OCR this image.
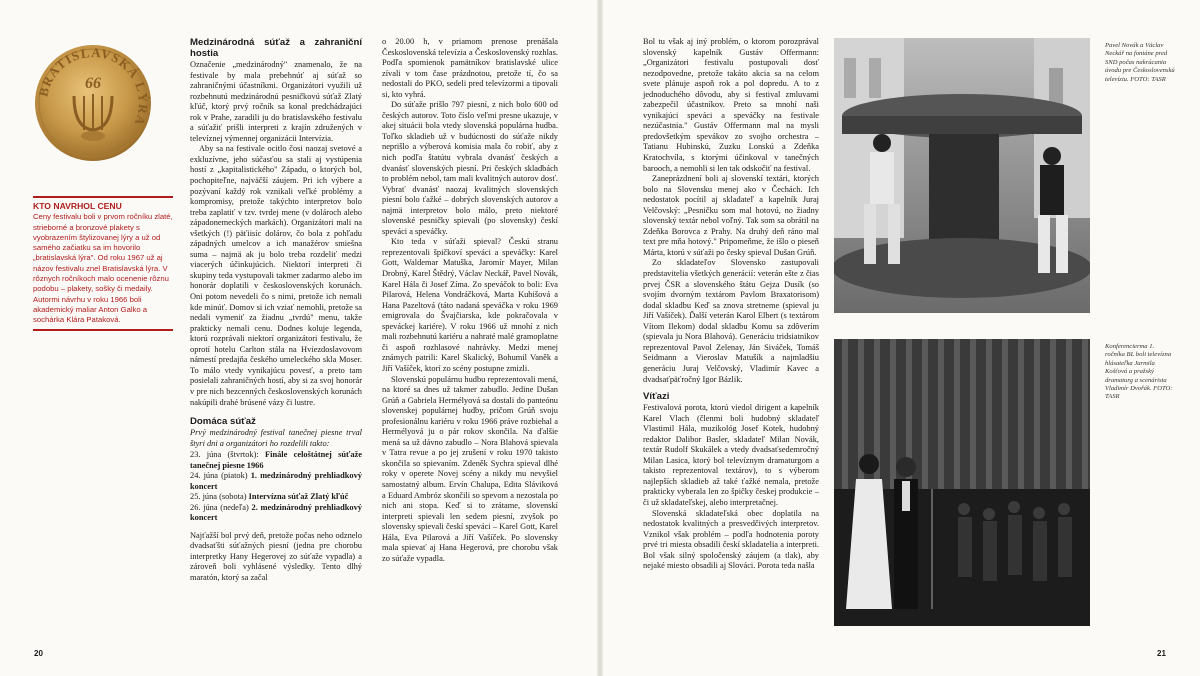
BRATISLAVSKÁ LÝRA
66
KTO NAVRHOL CENU
Ceny festivalu boli v prvom ročníku zlaté, strieborné a bronzové plakety s vyobrazením štylizovanej lýry a už od samého začiatku sa im hovorilo „bratislavská lýra". Od roku 1967 už aj názov festivalu znel Bratislavská lýra. V rôznych ročníkoch malo ocenenie rôznu podobu – plakety, sošky či medaily. Autormi návrhu v roku 1966 boli akademický maliar Anton Galko a sochárka Klára Pataková.
Medzinárodná súťaž a zahraniční hostia

Označenie „medzinárodný" znamenalo, že na festivale by mala prebehnúť aj súťaž so zahraničnými účastníkmi. Organizátori využili už rozbehnutú medzinárodnú pesničkovú súťaž Zlatý kľúč, ktorý prvý ročník sa konal predchádzajúci rok v Prahe, zaradili ju do bratislavského festivalu a súťažiť prišli interpreti z krajín združených v televíznej výmennej organizácii Intervízia.

Aby sa na festivale ocitlo čosi naozaj svetové a exkluzívne, jeho súčasťou sa stali aj vystúpenia hostí z „kapitalistického" Západu, o ktorých bol, pochopiteľne, najväčší záujem. Pri ich výbere a pozývaní každý rok vznikali veľké problémy a kompromisy, pretože takýchto interpretov bolo treba zaplatiť v tzv. tvrdej mene (v dolároch alebo západonemeckých markách). Organizátori mali na všetkých (!) päťiisíc dolárov, čo bola z pohľadu západných umelcov a ich manažérov smiešna suma – najmä ak ju bolo treba rozdeliť medzi viacerých účinkujúcich. Niektorí interpreti či skupiny teda vystupovali takmer zadarmo alebo im honorár doplatili v československých korunách. Oni potom nevedeli čo s nimi, pretože ich nemali kde minúť. Domov si ich vziať nemohli, pretože sa nedali vymeniť za žiadnu „tvrdú" menu, takže prakticky nemali cenu. Dodnes koluje legenda, ktorú rozprávali niektorí organizátori festivalu, že oprotí hotelu Carlton stála na Hviezdoslavovom námestí predajňa českého umeleckého skla Moser. To málo vtedy vynikajúcu povesť, a preto tam posielali zahraničných hostí, aby si za svoj honorár v pre nich bezcenných československých korunách nakúpili drahé brúsené vázy či lustre.

Domáca súťaž

Prvý medzinárodný festival tanečnej piesne trval štyri dni a organizátori ho rozdelili takto:

23. júna (štvrtok): Finále celoštátnej súťaže tanečnej piesne 1966
24. júna (piatok) 1. medzinárodný prehliadkový koncert
25. júna (sobota) Intervízna súťaž Zlatý kľúč
26. júna (nedeľa) 2. medzinárodný prehliadkový koncert

Najťažší bol prvý deň, pretože počas neho odznelo dvadsaťšti súťažných piesní (jedna pre chorobu interpretky Hany Hegerovej zo súťaže vypadla) a zároveň boli vyhlásené výsledky. Tento dlhý maratón, ktorý sa začal

o 20.00 h, v priamom prenose prenášala Československá televízia a Československý rozhlas. Podľa spomienok pamätníkov bratislavské ulice zívali v tom čase prázdnotou, pretože tí, čo sa nedostali do PKO, sedeli pred televízormi a tipovali si, kto vyhrá.

Do súťaže prišlo 797 piesní, z nich bolo 600 od českých autorov. Toto číslo veľmi presne ukazuje, v akej situácii bola vtedy slovenská populárna hudba. Toľko skladieb už v budúcnosti do súťaže nikdy neprišlo a výberová komisia mala čo robiť, aby z nich podľa štatútu vybrala dvanásť českých a dvanásť slovenských piesní. Pri českých skladbách to problém nebol, tam mali kvalitných autorov dosť. Vybrať dvanásť naozaj kvalitných slovenských piesní bolo ťažké – dobrých slovenských autorov a najmä interpretov bolo málo, preto niektoré slovenské pesničky spievali (po slovensky) českí speváci a speváčky.

Kto teda v súťaži spieval? Českú stranu reprezentovali špičkoví speváci a speváčky: Karel Gott, Waldemar Matuška, Jaromír Mayer, Milan Drobný, Karel Štědrý, Václav Neckář, Pavel Novák, Karel Hála či Josef Zíma. Zo speváčok to boli: Eva Pilarová, Helena Vondráčková, Marta Kubišová a Hana Pazeltová (táto nadaná speváčka v roku 1969 emigrovala do Švajčiarska, kde pokračovala v speváckej kariére). V roku 1966 už mnohí z nich mali rozbehnutú kariéru a nahraté malé gramoplatne či aspoň rozhlasové nahrávky. Medzi menej známych patrili: Karel Skalický, Bohumil Vaněk a Jiří Vašíček, ktorí zo scény postupne zmizli.

Slovenskú populárnu hudbu reprezentovali mená, na ktoré sa dnes už takmer zabudlo. Jedine Dušan Grúň a Gabriela Hermélyová sa dostali do panteónu slovenskej populárnej hudby, pričom Grúň svoju profesionálnu kariéru v roku 1966 práve rozbiehal a Hermélyová ju o pár rokov skončila. Na ďalšie mená sa už dávno zabudlo – Nora Blahová spievala v Tatra revue a po jej zrušení v roku 1970 takisto skončila so spievaním. Zdeněk Sychra spieval dlhé roky v operete Novej scény a nikdy mu nevyšiel samostatný album. Ervín Chalupa, Edita Sláviková a Eduard Ambróz skončili so spevom a nezostala po nich ani stopa. Keď si to zrátame, slovenskí interpreti spievali len sedem piesní, zvyšok po slovensky spievali českí speváci – Karel Gott, Karel Hála, Eva Pilarová a Jiří Vašíček. Po slovensky mala spievať aj Hana Hegerová, pre chorobu však zo súťaže vypadla.

20

Bol tu však aj iný problém, o ktorom porozprával slovenský kapelník Gustáv Offermann: „Organizátori festivalu postupovali dosť nezodpovedne, pretože takáto akcia sa na celom svete plánuje aspoň rok a pol dopredu. A to z jednoduchého dôvodu, aby si festival zmluvami zabezpečil účastníkov. Preto sa mnohí naši vynikajúci speváci a speváčky na festivale nezúčastnia." Gustáv Offermann mal na mysli predovšetkým spevákov zo svojho orchestra – Tatianu Hubinskú, Zuzku Lonskú a Zdeňka Kratochvíla, s ktorými účinkoval v tanečných barooch, a nemohli si len tak odskočiť na festival.

Zaneprázdnení boli aj slovenskí textári, ktorých bolo na Slovensku menej ako v Čechách. Ich nedostatok pocítil aj skladateľ a kapelník Juraj Velčovský: „Pesničku som mal hotovú, no žiadny slovenský textár nebol voľný. Tak som sa obrátil na Zdeňka Borovca z Prahy. Na druhý deň ráno mal text pre mňa hotový." Pripomeňme, že išlo o pieseň Márta, ktorú v súťaži po česky spieval Dušan Grúň.

Zo skladateľov Slovensko zastupovali predstavitelia všetkých generácií: veterán ešte z čias prvej ČSR a slovenského štátu Gejza Dusík (so svojím dvorným textárom Pavlom Braxatorisom) dodal skladbu Keď sa znova stretneme (spieval ju Jiří Vašíček). Ďalší veterán Karol Elbert (s textárom Vítom Ilekom) dodal skladbu Komu sa zdôverím (spievala ju Nora Blahová). Generáciu tridsiatnikov reprezentoval Pavol Zelenay, Ján Siváček, Tomáš Seidmann a Vieroslav Matušík a najmladšiu generáciu Juraj Velčovský, Vladimír Kavec a dvadsaťpäťročný Igor Bázlik.

Víťazi

Festivalová porota, ktorú viedol dirigent a kapelník Karel Vlach (členmi boli hudobný skladateľ Vlastimil Hála, muzikológ Josef Kotek, hudobný redaktor Dalibor Basler, skladateľ Milan Novák, textár Rudolf Skukálek a vtedy dvadsaťsedemročný Milan Lasica, ktorý bol televíznym dramaturgom a takisto reprezentoval textárov), to s výberom najlepších skladieb až také ťažké nemala, pretože prakticky vyberala len zo špičky českej produkcie – či už skladateľskej, alebo interpretačnej.

Slovenská skladateľská obec doplatila na nedostatok kvalitných a presvedčivých interpretov. Vznikol však problém – podľa hodnotenia poroty prvé tri miesta obsadili českí skladatelia a interpreti. Bol však silný spoločenský záujem (a tlak), aby nejaké miesto obsadili aj Slováci. Porota teda našla

Pavel Novák a Václav Neckář na fontáne pred SND počas nakrúcania úvodu pre Československú televíziu. FOTO: TASR
Konferencierma 1. ročníka BL boli televízna hlásateľka Jarmila Košťová a pražský dramaturg a scenárista Vladimír Dvořák. FOTO: TASR
21
